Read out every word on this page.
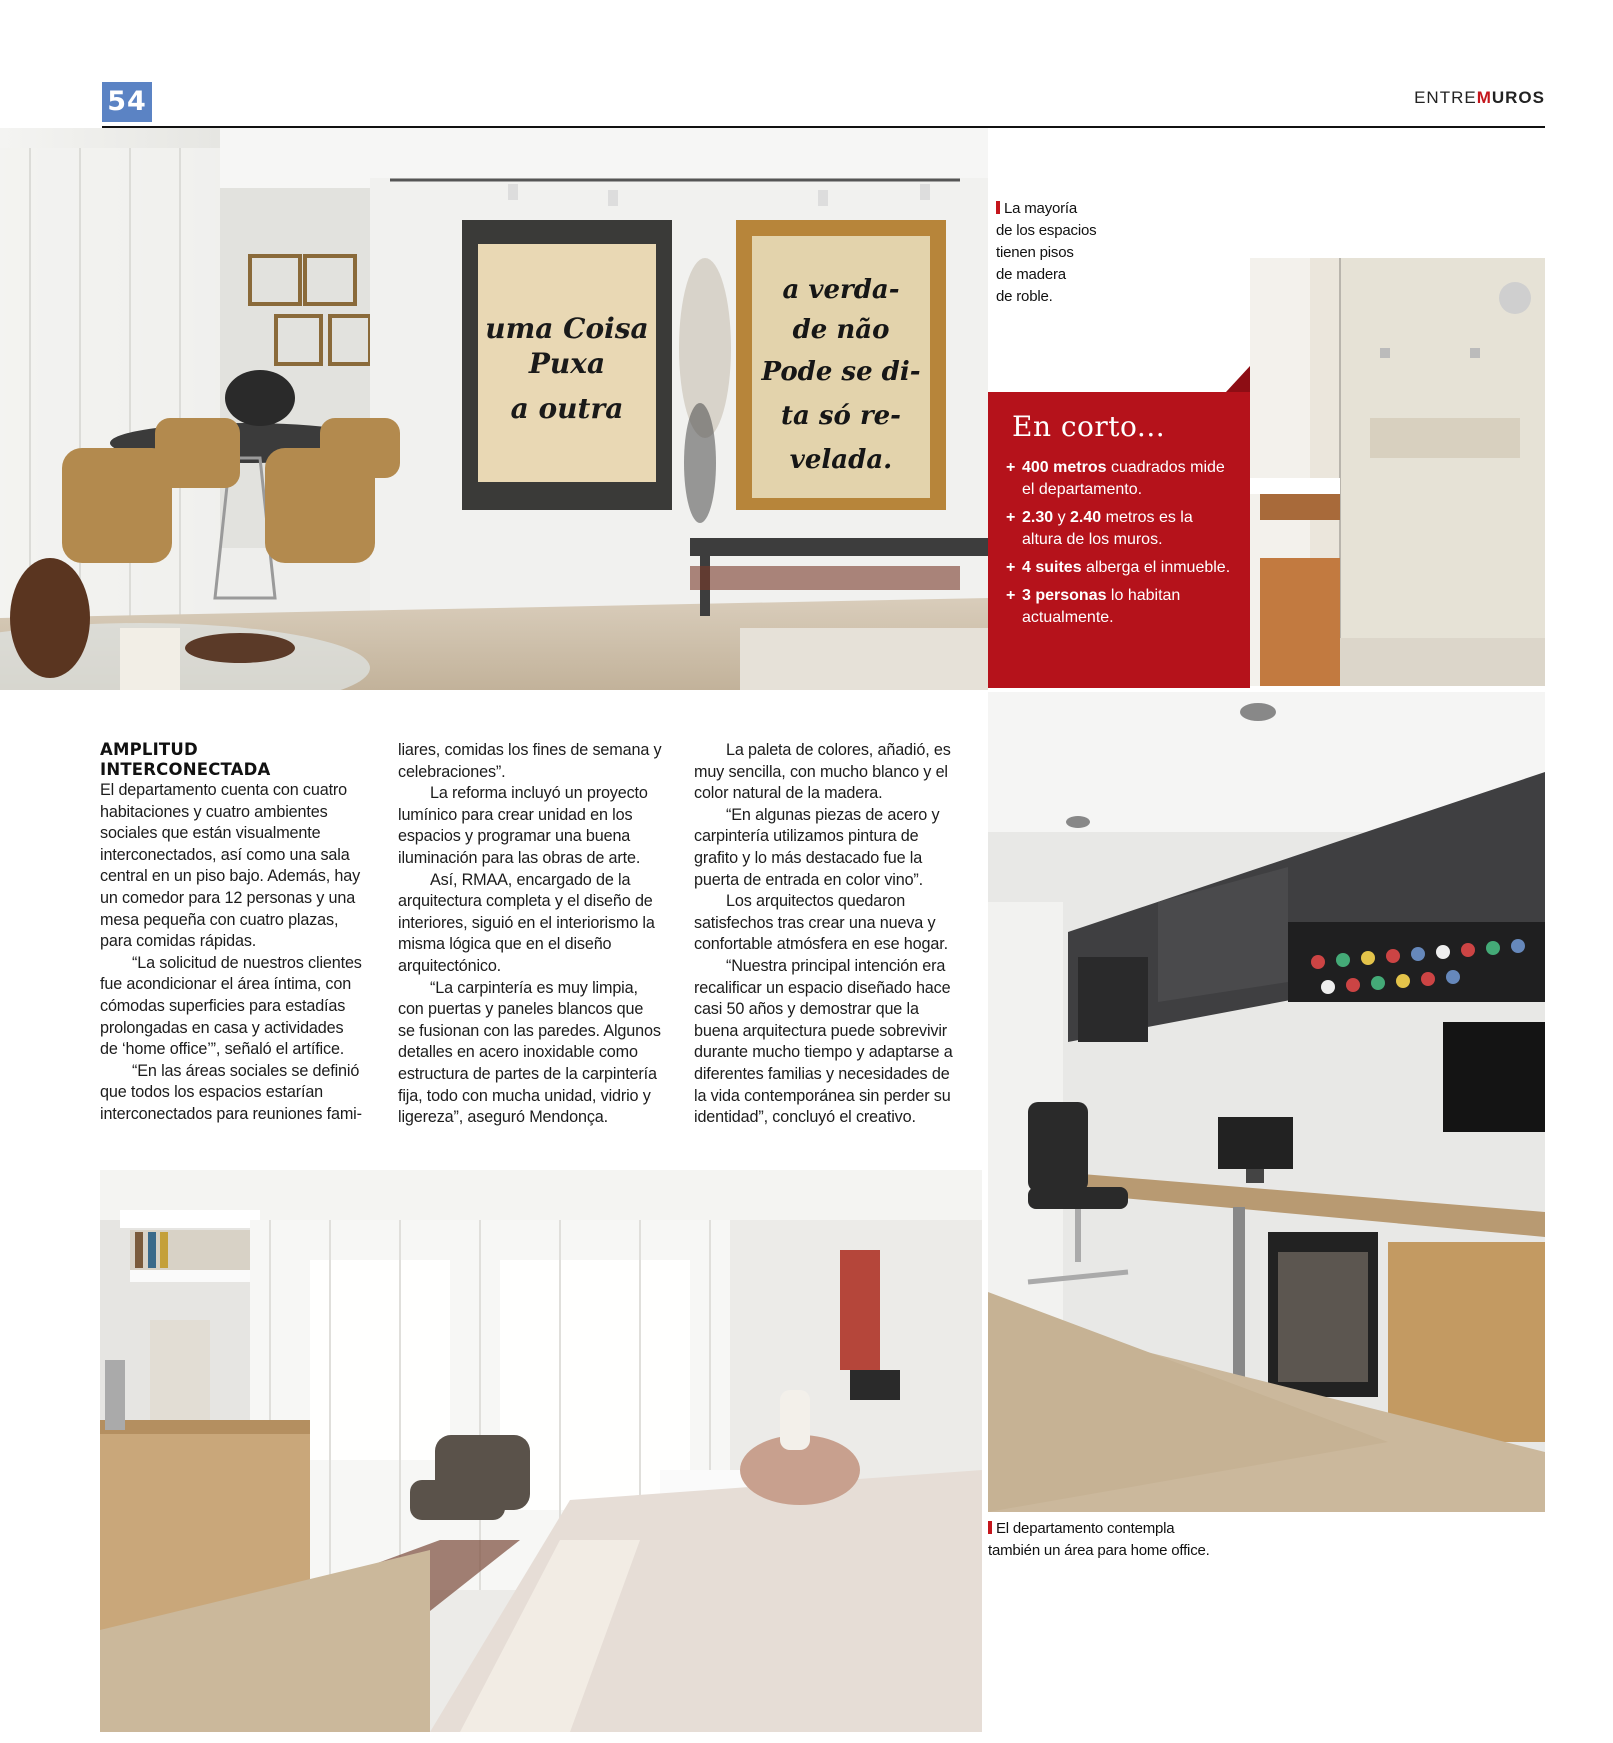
54	ENTREMUROS
uma Coisa
Puxa
a outra
a verda-
de não
Pode se di-
ta só re-
velada.
La mayoría
de los espacios
tienen pisos
de madera
de roble.
En corto...
+ 400 metros cuadrados mide el departamento.
+ 2.30 y 2.40 metros es la altura de los muros.
+ 4 suites alberga el inmueble.
+ 3 personas lo habitan actualmente.
El departamento contempla
también un área para home office.
AMPLITUD
INTERCONECTADA

El departamento cuenta con cuatro habitaciones y cuatro ambientes sociales que están visualmente interconectados, así como una sala central en un piso bajo. Además, hay un comedor para 12 personas y una mesa pequeña con cuatro plazas, para comidas rápidas.

“La solicitud de nuestros clientes fue acondicionar el área íntima, con cómodas superficies para estadías prolongadas en casa y actividades de ‘home office’”, señaló el artífice.

“En las áreas sociales se definió que todos los espacios estarían interconectados para reuniones fami-

liares, comidas los fines de semana y celebraciones”.

La reforma incluyó un proyecto lumínico para crear unidad en los espacios y programar una buena iluminación para las obras de arte.

Así, RMAA, encargado de la arquitectura completa y el diseño de interiores, siguió en el interiorismo la misma lógica que en el diseño arquitectónico.

“La carpintería es muy limpia, con puertas y paneles blancos que se fusionan con las paredes. Algunos detalles en acero inoxidable como estructura de partes de la carpintería fija, todo con mucha unidad, vidrio y ligereza”, aseguró Mendonça.

La paleta de colores, añadió, es muy sencilla, con mucho blanco y el color natural de la madera.

“En algunas piezas de acero y carpintería utilizamos pintura de grafito y lo más destacado fue la puerta de entrada en color vino”.

Los arquitectos quedaron satisfechos tras crear una nueva y confortable atmósfera en ese hogar.

“Nuestra principal intención era recalificar un espacio diseñado hace casi 50 años y demostrar que la buena arquitectura puede sobrevivir durante mucho tiempo y adaptarse a diferentes familias y necesidades de la vida contemporánea sin perder su identidad”, concluyó el creativo.
